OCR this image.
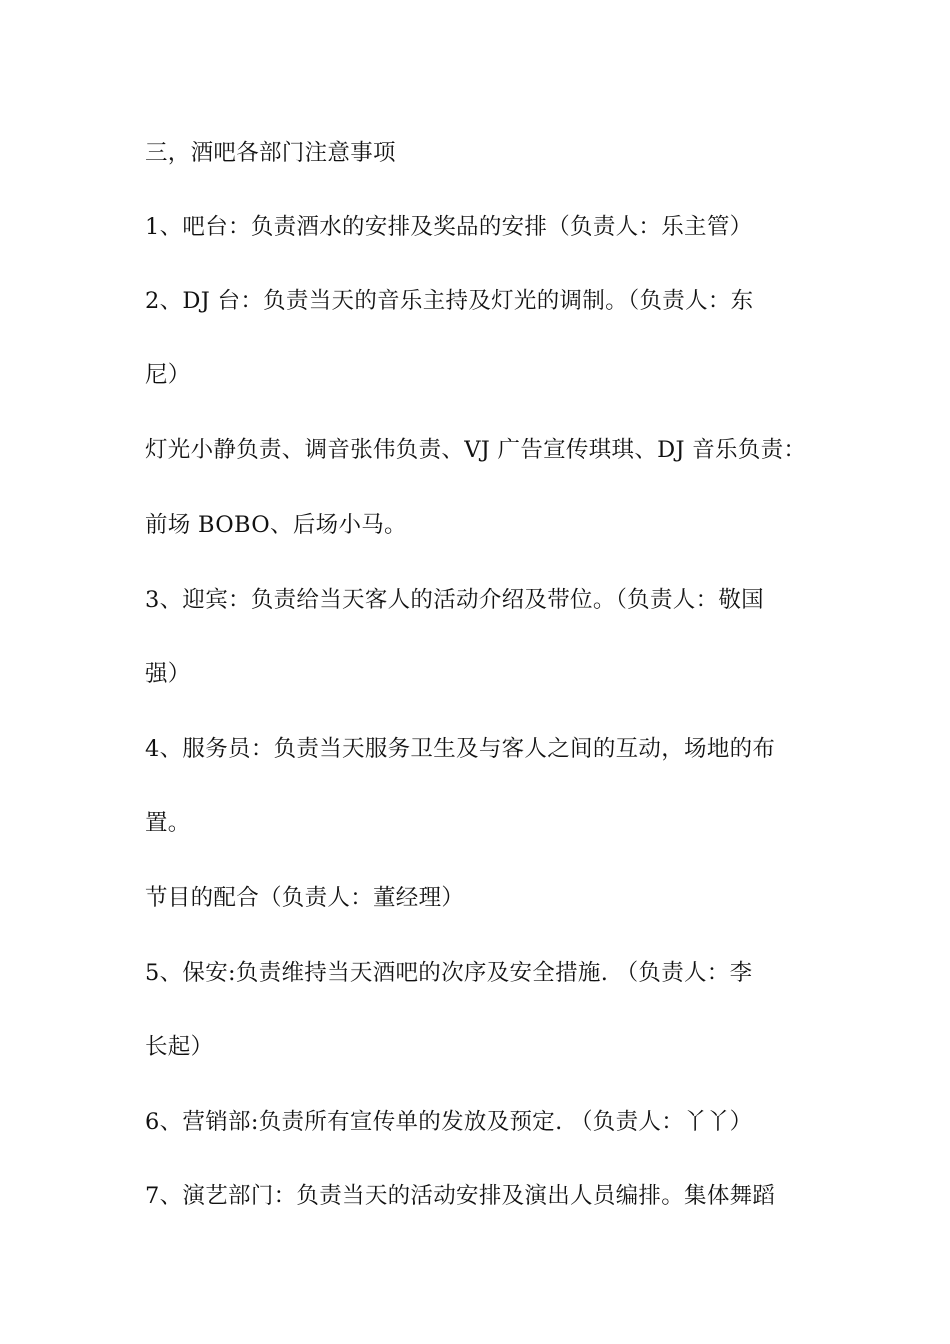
三，酒吧各部门注意事项
1、吧台：负责酒水的安排及奖品的安排（负责人：乐主管）
2、DJ 台：负责当天的音乐主持及灯光的调制。（负责人：东
尼）
灯光小静负责、调音张伟负责、VJ 广告宣传琪琪、DJ 音乐负责：
前场 BOBO、后场小马。
3、迎宾：负责给当天客人的活动介绍及带位。（负责人：敬国
强）
4、服务员：负责当天服务卫生及与客人之间的互动，场地的布
置。
节目的配合（负责人：董经理）
5、保安:负责维持当天酒吧的次序及安全措施. （负责人：李
长起）
6、营销部:负责所有宣传单的发放及预定. （负责人：丫丫）
7、演艺部门：负责当天的活动安排及演出人员编排。集体舞蹈
